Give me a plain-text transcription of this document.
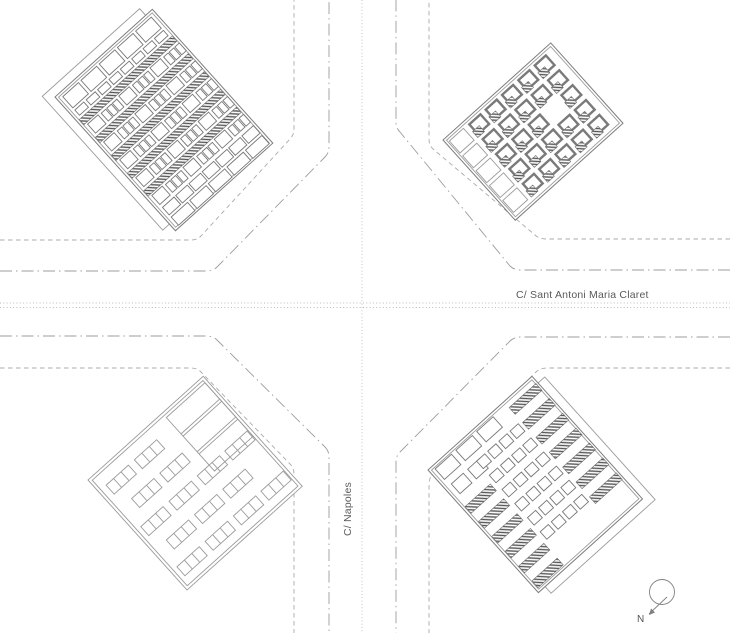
N
C/ Sant Antoni Maria Claret
C/ Napoles
